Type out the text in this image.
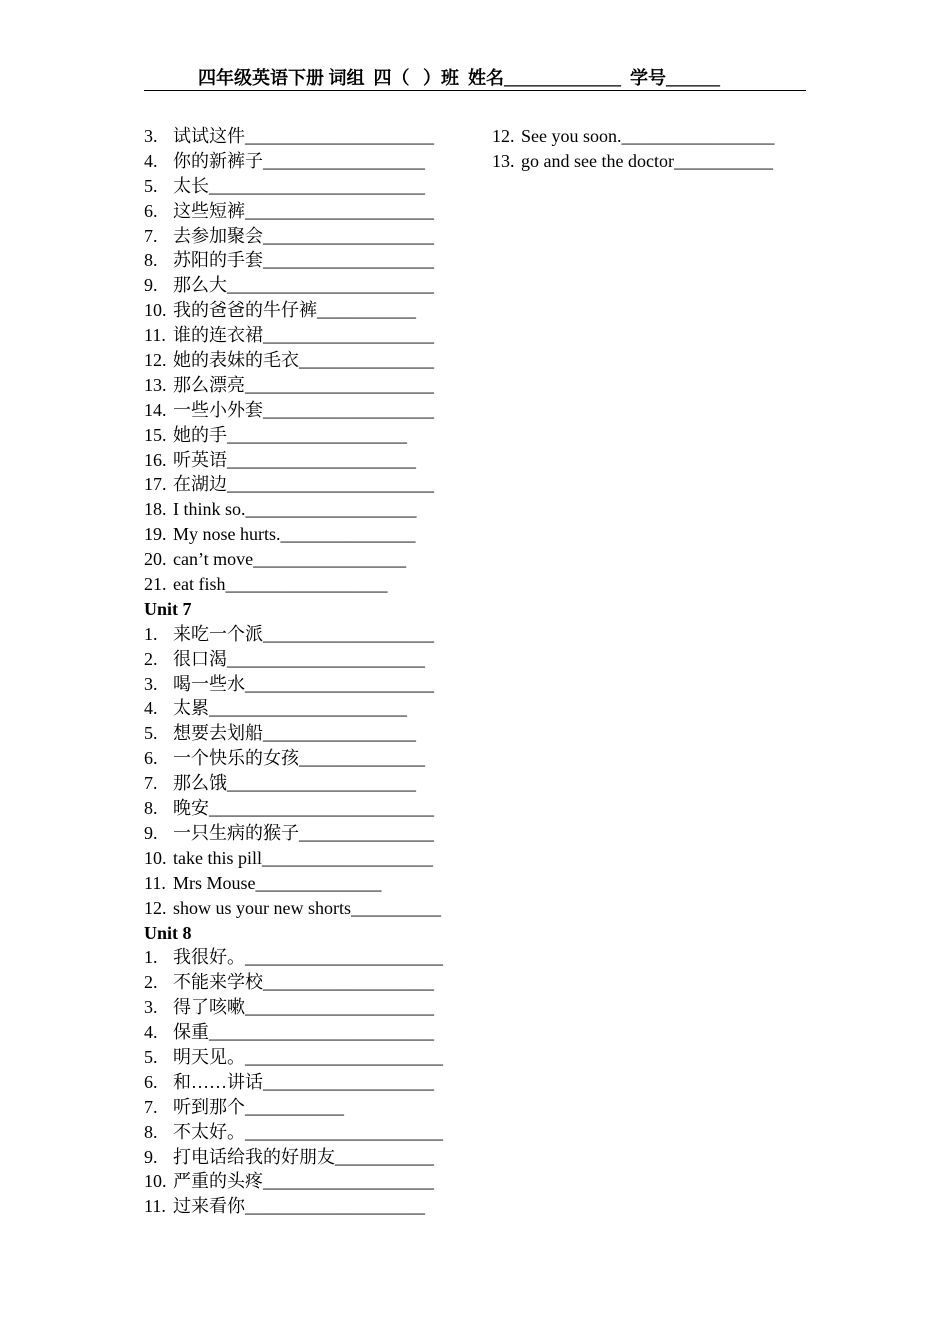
四年级英语下册 词组  四（   ）班  姓名_____________  学号______

3. 试试这件_____________________
4. 你的新裤子__________________
5. 太长________________________
6. 这些短裤_____________________
7. 去参加聚会___________________
8. 苏阳的手套___________________
9. 那么大_______________________
10. 我的爸爸的牛仔裤___________
11. 谁的连衣裙___________________
12. 她的表妹的毛衣_______________
13. 那么漂亮_____________________
14. 一些小外套___________________
15. 她的手____________________
16. 听英语_____________________
17. 在湖边_______________________
18. I think so.___________________
19. My nose hurts._______________
20. can’t move_________________
21. eat fish__________________
Unit 7
1. 来吃一个派___________________
2. 很口渴______________________
3. 喝一些水_____________________
4. 太累______________________
5. 想要去划船_________________
6. 一个快乐的女孩______________
7. 那么饿_____________________
8. 晚安_________________________
9. 一只生病的猴子_______________
10. take this pill___________________
11. Mrs Mouse______________
12. show us your new shorts__________
Unit 8
1. 我很好。______________________
2. 不能来学校___________________
3. 得了咳嗽_____________________
4. 保重_________________________
5. 明天见。______________________
6. 和……讲话___________________
7. 听到那个___________
8. 不太好。______________________
9. 打电话给我的好朋友___________
10. 严重的头疼___________________
11. 过来看你____________________
12. See you soon._________________
13. go and see the doctor___________
